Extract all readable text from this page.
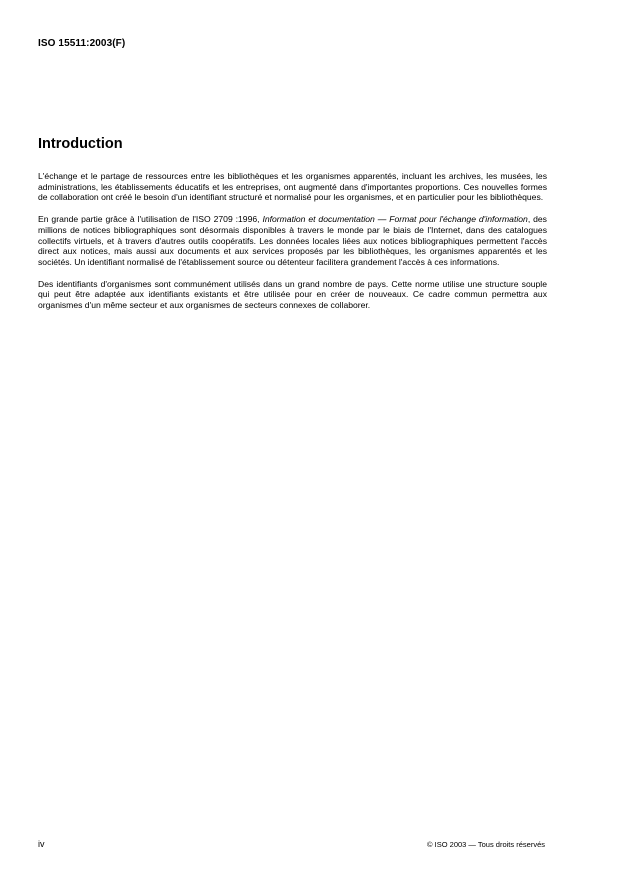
ISO 15511:2003(F)
Introduction

L'échange et le partage de ressources entre les bibliothèques et les organismes apparentés, incluant les archives, les musées, les administrations, les établissements éducatifs et les entreprises, ont augmenté dans d'importantes proportions. Ces nouvelles formes de collaboration ont créé le besoin d'un identifiant structuré et normalisé pour les organismes, et en particulier pour les bibliothèques.

En grande partie grâce à l'utilisation de l'ISO 2709 :1996, Information et documentation — Format pour l'échange d'information, des millions de notices bibliographiques sont désormais disponibles à travers le monde par le biais de l'Internet, dans des catalogues collectifs virtuels, et à travers d'autres outils coopératifs. Les données locales liées aux notices bibliographiques permettent l'accès direct aux notices, mais aussi aux documents et aux services proposés par les bibliothèques, les organismes apparentés et les sociétés. Un identifiant normalisé de l'établissement source ou détenteur facilitera grandement l'accès à ces informations.

Des identifiants d'organismes sont communément utilisés dans un grand nombre de pays. Cette norme utilise une structure souple qui peut être adaptée aux identifiants existants et être utilisée pour en créer de nouveaux. Ce cadre commun permettra aux organismes d'un même secteur et aux organismes de secteurs connexes de collaborer.

iv	© ISO 2003 — Tous droits réservés
